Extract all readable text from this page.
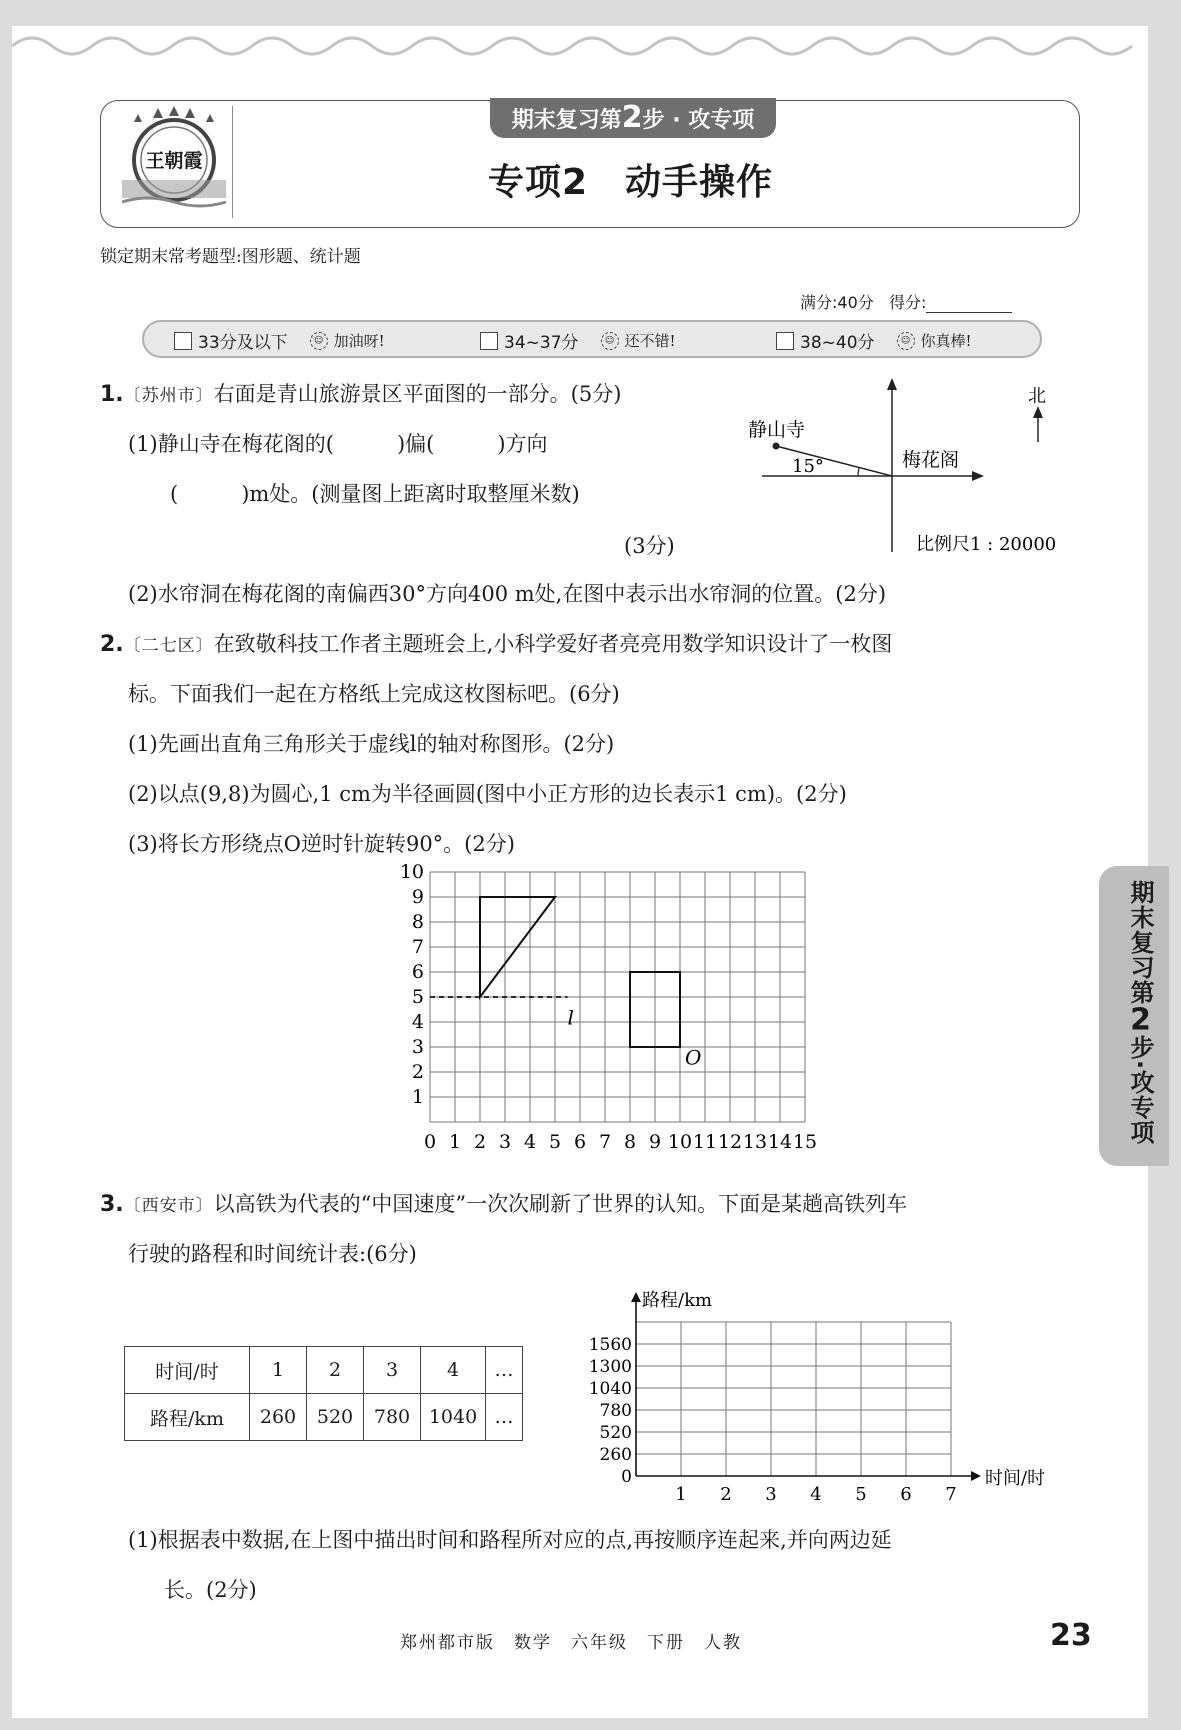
期末复习第2步 · 攻专项
王朝霞
专项2　动手操作
锁定期末常考题型:图形题、统计题
满分:40分 得分:
33分及以下	☺ 加油呀!	34~37分	☺ 还不错!	38~40分	☺ 你真棒!
1.〔苏州市〕右面是青山旅游景区平面图的一部分。(5分)
(1)静山寺在梅花阁的(　　　)偏(　　　)方向
(　　　)m处。(测量图上距离时取整厘米数)
(3分)
(2)水帘洞在梅花阁的南偏西30°方向400 m处,在图中表示出水帘洞的位置。(2分)
北
静山寺
梅花阁
15°
比例尺1 : 20000
2.〔二七区〕在致敬科技工作者主题班会上,小科学爱好者亮亮用数学知识设计了一枚图
标。下面我们一起在方格纸上完成这枚图标吧。(6分)
(1)先画出直角三角形关于虚线l的轴对称图形。(2分)
(2)以点(9,8)为圆心,1 cm为半径画圆(图中小正方形的边长表示1 cm)。(2分)
(3)将长方形绕点O逆时针旋转90°。(2分)
0 1 2 3 4 5 6 7 8 9 10 11 12 13 14 15
1
2
3
4
5
6
7
8
9
10
l
O
期末复习第2步·攻专项
3.〔西安市〕以高铁为代表的“中国速度”一次次刷新了世界的认知。下面是某趟高铁列车
行驶的路程和时间统计表:(6分)
时间/时	1	2	3	4	…
路程/km	260	520	780	1040	…
0
260
520
780
1040
1300
1560
1 2 3 4 5 6 7
路程/km
时间/时
(1)根据表中数据,在上图中描出时间和路程所对应的点,再按顺序连起来,并向两边延
长。(2分)
郑州都市版　数学　六年级　下册　人教	23
